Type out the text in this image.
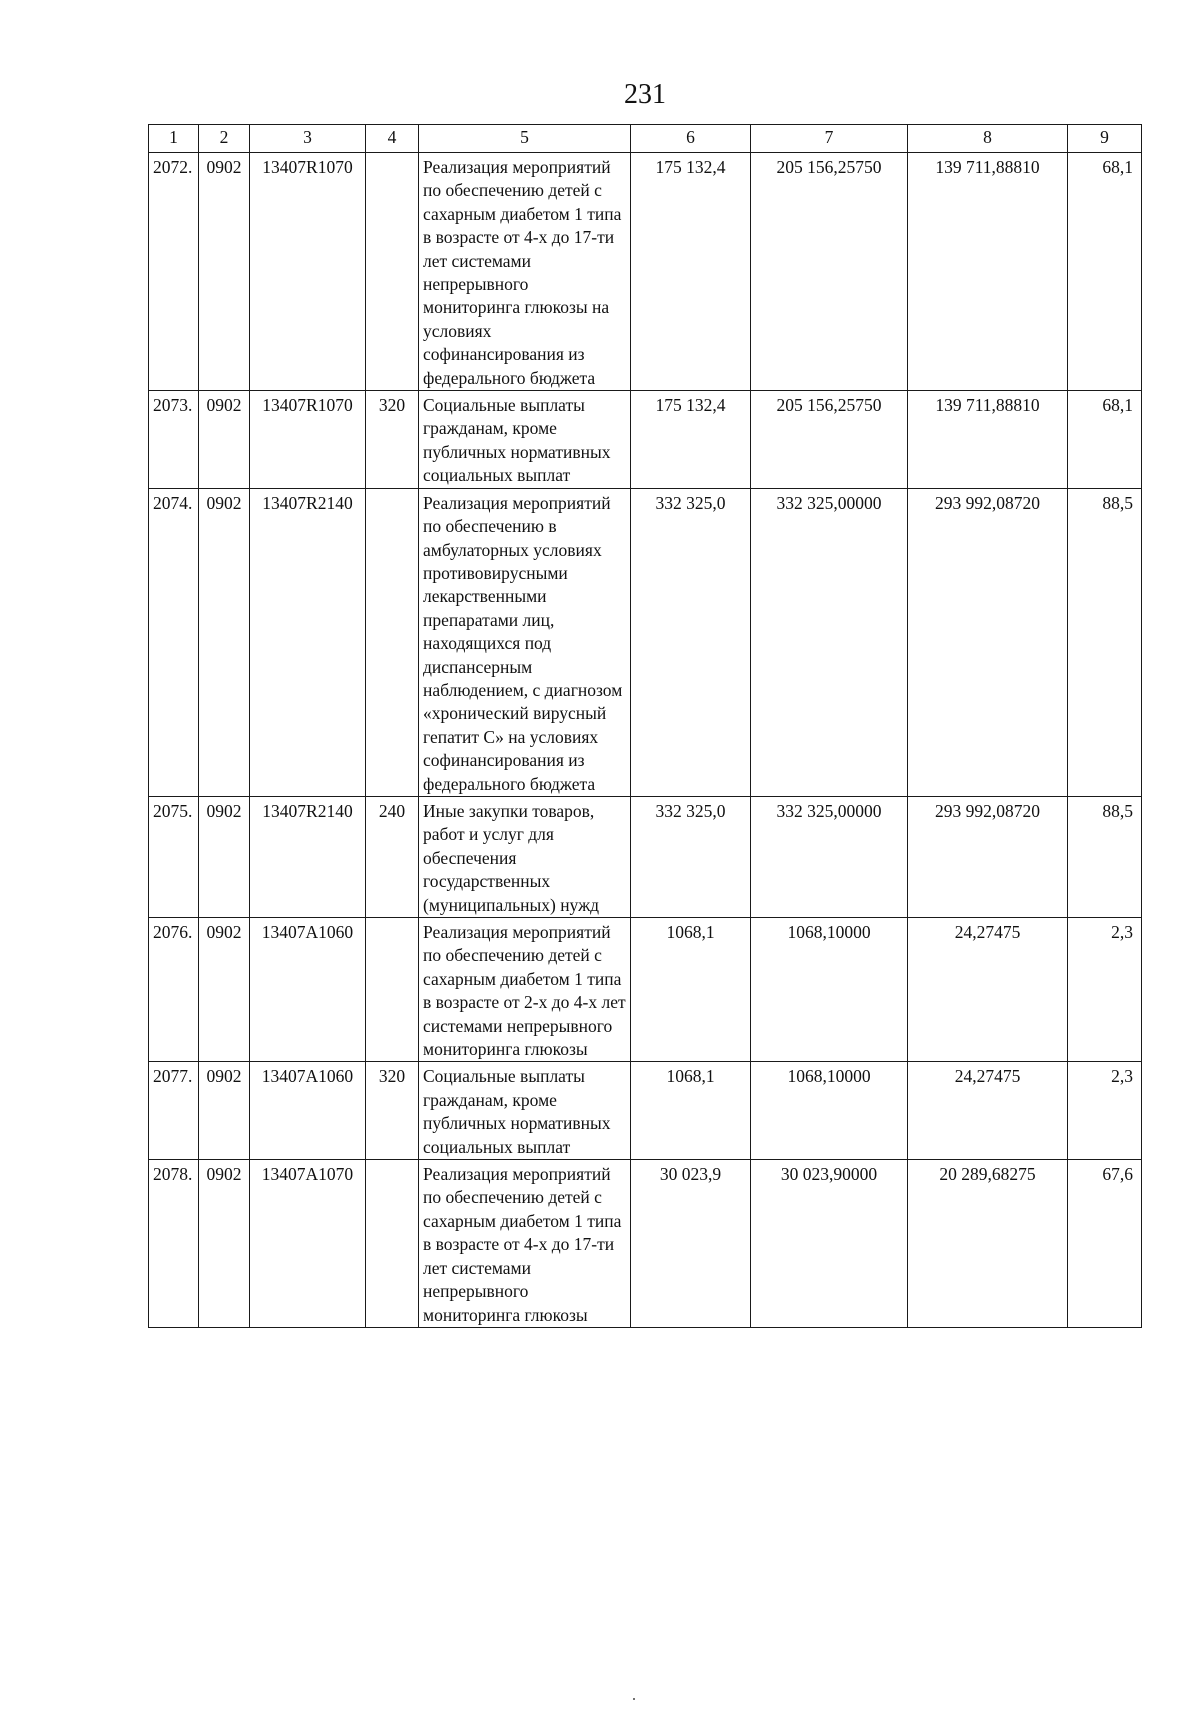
231
1	2	3	4	5	6	7	8	9
2072.	0902	13407R1070		Реализация мероприятий по обеспечению детей с сахарным диабетом 1 типа в возрасте от 4-х до 17-ти лет системами непрерывного мониторинга глюкозы на условиях софинансирования из федерального бюджета	175 132,4	205 156,25750	139 711,88810	68,1
2073.	0902	13407R1070	320	Социальные выплаты гражданам, кроме публичных нормативных социальных выплат	175 132,4	205 156,25750	139 711,88810	68,1
2074.	0902	13407R2140		Реализация мероприятий по обеспечению в амбулаторных условиях противовирусными лекарственными препаратами лиц, находящихся под диспансерным наблюдением, с диагнозом «хронический вирусный гепатит С» на условиях софинансирования из федерального бюджета	332 325,0	332 325,00000	293 992,08720	88,5
2075.	0902	13407R2140	240	Иные закупки товаров, работ и услуг для обеспечения государственных (муниципальных) нужд	332 325,0	332 325,00000	293 992,08720	88,5
2076.	0902	13407А1060		Реализация мероприятий по обеспечению детей с сахарным диабетом 1 типа в возрасте от 2-х до 4-х лет системами непрерывного мониторинга глюкозы	1068,1	1068,10000	24,27475	2,3
2077.	0902	13407А1060	320	Социальные выплаты гражданам, кроме публичных нормативных социальных выплат	1068,1	1068,10000	24,27475	2,3
2078.	0902	13407А1070		Реализация мероприятий по обеспечению детей с сахарным диабетом 1 типа в возрасте от 4-х до 17-ти лет системами непрерывного мониторинга глюкозы	30 023,9	30 023,90000	20 289,68275	67,6
